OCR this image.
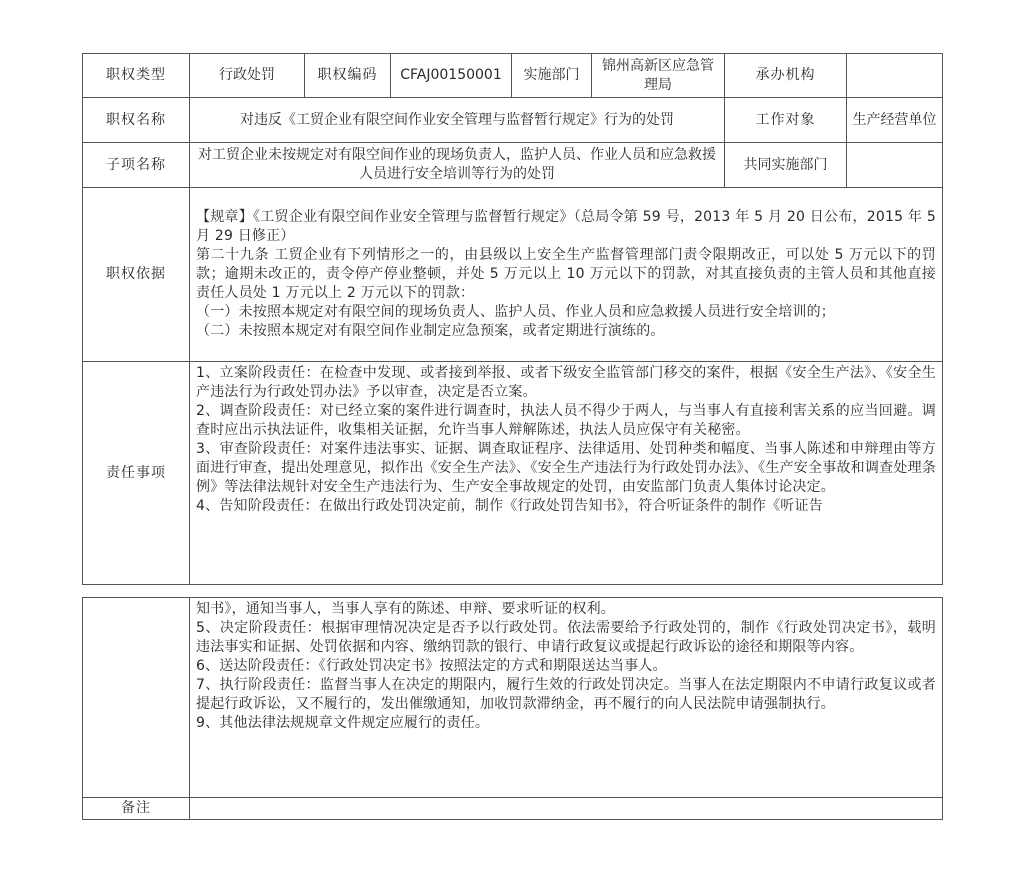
职权类型	行政处罚	职权编码	CFAJ00150001	实施部门	锦州高新区应急管理局	承办机构	
职权名称	对违反《工贸企业有限空间作业安全管理与监督暂行规定》行为的处罚					工作对象	生产经营单位
子项名称	对工贸企业未按规定对有限空间作业的现场负责人，监护人员、作业人员和应急救援人员进行安全培训等行为的处罚					共同实施部门	
职权依据	【规章】《工贸企业有限空间作业安全管理与监督暂行规定》（总局令第 59 号，2013 年 5 月 20 日公布，2015 年 5 月 29 日修正）

第二十九条 工贸企业有下列情形之一的，由县级以上安全生产监督管理部门责令限期改正，可以处 5 万元以下的罚款；逾期未改正的，责令停产停业整顿，并处 5 万元以上 10 万元以下的罚款，对其直接负责的主管人员和其他直接责任人员处 1 万元以上 2 万元以下的罚款：

（一）未按照本规定对有限空间的现场负责人、监护人员、作业人员和应急救援人员进行安全培训的；

（二）未按照本规定对有限空间作业制定应急预案，或者定期进行演练的。						

责任事项	1、立案阶段责任：在检查中发现、或者接到举报、或者下级安全监管部门移交的案件，根据《安全生产法》、《安全生产违法行为行政处罚办法》予以审查，决定是否立案。

2、调查阶段责任：对已经立案的案件进行调查时，执法人员不得少于两人，与当事人有直接利害关系的应当回避。调查时应出示执法证件，收集相关证据，允许当事人辩解陈述，执法人员应保守有关秘密。

3、审查阶段责任：对案件违法事实、证据、调查取证程序、法律适用、处罚种类和幅度、当事人陈述和申辩理由等方面进行审查，提出处理意见，拟作出《安全生产法》、《安全生产违法行为行政处罚办法》、《生产安全事故和调查处理条例》等法律法规针对安全生产违法行为、生产安全事故规定的处罚，由安监部门负责人集体讨论决定。

4、告知阶段责任：在做出行政处罚决定前，制作《行政处罚告知书》，符合听证条件的制作《听证告						

	知书》，通知当事人，当事人享有的陈述、申辩、要求听证的权利。

5、决定阶段责任：根据审理情况决定是否予以行政处罚。依法需要给予行政处罚的，制作《行政处罚决定书》，载明违法事实和证据、处罚依据和内容、缴纳罚款的银行、申请行政复议或提起行政诉讼的途径和期限等内容。

6、送达阶段责任：《行政处罚决定书》按照法定的方式和期限送达当事人。

7、执行阶段责任：监督当事人在决定的期限内，履行生效的行政处罚决定。当事人在法定期限内不申请行政复议或者提起行政诉讼，又不履行的，发出催缴通知，加收罚款滞纳金，再不履行的向人民法院申请强制执行。

9、其他法律法规规章文件规定应履行的责任。

备注	
